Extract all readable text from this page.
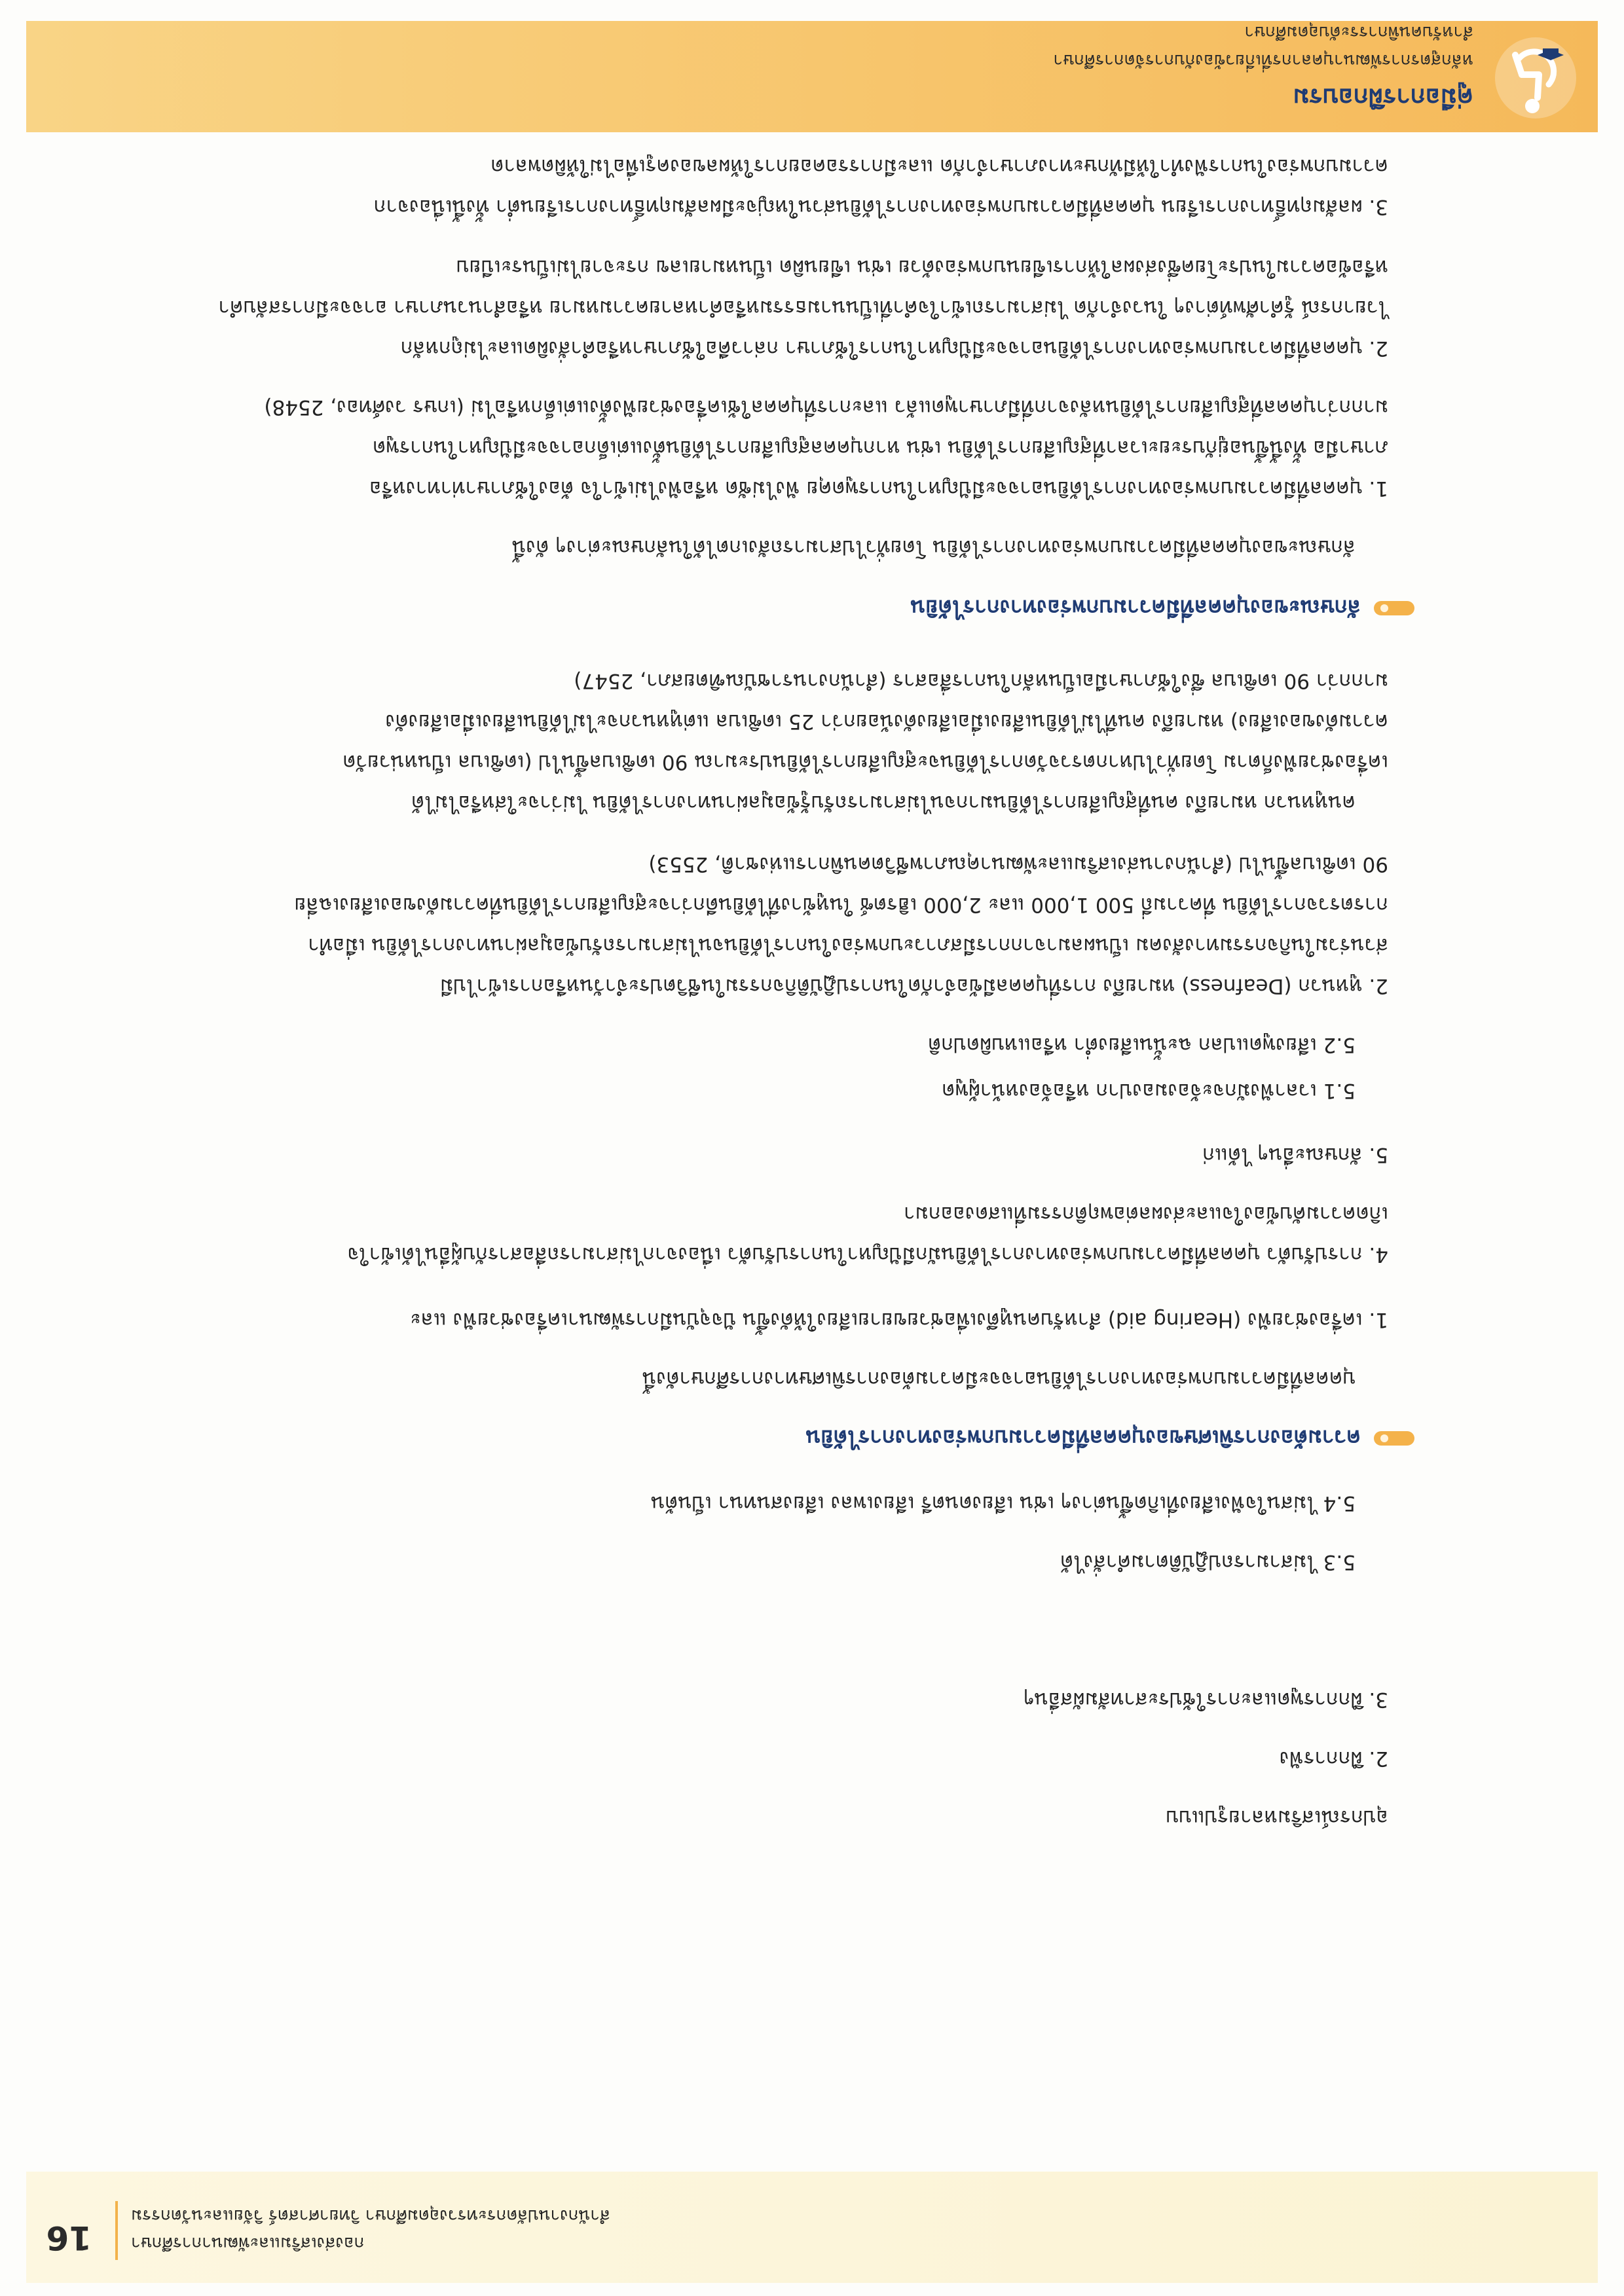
คู่มือการฝึกอบรม
หลักสูตรการพัฒนาบุคลากรที่เกี่ยวข้องกับการจัดการศึกษา
สำหรับคนพิการระดับอุดมศึกษา
2. หูหนวก (Deafness) หมายถึง การที่บุคคลมีข้อจำกัดในการปฏิบัติกิจกรรมในชีวิตประจำวันหรือการเข้าไปมี
ส่วนร่วมในกิจกรรมทางสังคม เป็นผลมาจากการมีสภาวะบกพร่องในการได้ยินจนไม่สามารถรับข้อมูลผ่านทางการได้ยิน เมื่อทำ
การตรวจการได้ยิน ที่ความถี่ 500 1,000 และ 2,000 เฮิรตซ์ ในหูข้างที่ได้ยินดีกว่าจะสูญเสียการได้ยินที่ความดังของเสียงเฉลี่ย
90 เดซิเบลขึ้นไป (สำนักงานส่งเสริมและพัฒนาคุณภาพชีวิตคนพิการแห่งชาติ, 2553)
คนหูหนวก หมายถึง คนที่สูญเสียการได้ยินมากจนไม่สามารถรับรู้ข้อมูลผ่านทางการได้ยิน ไม่ว่าจะใส่หรือไม่ได้
เครื่องช่วยฟังก็ตาม โดยทั่วไปหากตรวจวัดการได้ยินจะสูญเสียการได้ยินประมาณ 90 เดซิเบลขึ้นไป (เดซิเบล เป็นหน่วยวัด
ความดังของเสียง) หมายถึง คนที่ไม่ได้ยินเสียงเมื่อเสียงดังน้อยกว่า 25 เดซิเบล แต่หูหนวกจะไม่ได้ยินเสียงเมื่อเสียงดัง
มากกว่า 90 เดซิเบล ซึ่งใช้ภาษามือเป็นหลักในการสื่อสาร (สำนักงานราชบัณฑิตยสภา, 2547)
ลักษณะของบุคคลที่มีความบกพร่องทางการได้ยิน
ลักษณะของบุคคลที่มีความบกพร่องทางการได้ยิน โดยทั่วไปสามารถสังเกตได้ในลักษณะต่างๆ ดังนี้
1. บุคคลที่มีความบกพร่องทางการได้ยินอาจจะมีปัญหาในการพูดคุย ฟังไม่ชัด หรือฟังไม่เข้าใจ ต้องใช้ภาษาท่าทางหรือ
ภาษามือ ทั้งนี้ขึ้นอยู่กับระยะเวลาที่สูญเสียการได้ยิน เช่น หากบุคคลสูญเสียการได้ยินตั้งแต่เด็กอาจจะมีปัญหาในการพูด
มากกว่าบุคคลที่สูญเสียการได้ยินหลังจากที่มีภาษาพูดแล้ว และการที่บุคคลใช้เครื่องช่วยฟังตั้งแต่เด็กหรือไม่ (เกษร วงศ์ทอง, 2548)
2. บุคคลที่มีความบกพร่องทางการได้ยินอาจจะมีปัญหาในการใช้ภาษา กล่าวคือใช้ภาษาหรือคำสั่งผิดและไม่ถูกหลัก
ไวยากรณ์ รู้คำศัพท์ต่างๆ ในวงจำกัด ไม่สามารถเข้าใจคำที่เป็นนามธรรมหรือคำหลายความหมาย หรือสำนวนภาษา อาจจะมีการสลับคำ
หรือข้อความในประโยคซึ่งส่งผลให้การเขียนบกพร่องด้วย เช่น เขียนผิด เป็นหมายเลข กระจายไม่เป็นระเบียบ
3. ผลสัมฤทธิ์ทางการเรียน บุคคลที่มีความบกพร่องทางการได้ยินส่วนใหญ่จะมีผลสัมฤทธิ์ทางการเรียนต่ำ ทั้งนี้เนื่องจาก
ความบกพร่องในการฟังทำให้มีทักษะทางภาษาจำกัด และมีการรอคอยการให้ผลของครูเพื่อไม่ให้ผิดพลาด
4. การปรับตัว บุคคลที่มีความบกพร่องทางการได้ยินมักมีปัญหาในการปรับตัว เนื่องจากไม่สามารถสื่อสารกับผู้อื่นได้เข้าใจ
เกิดความคับข้องใจและส่งผลต่อพฤติกรรมที่แสดงออกมา
5. ลักษณะอื่นๆ ได้แก่
5.1 เวลาฟังมักจะจ้องมองปาก หรือจ้องหน้าผู้พูด
5.2 เสียงพูดแปลก ฉะนั้นเสียงต่ำ หรือแหบผิดปกติ
5.3 ไม่สามารถปฏิบัติตามคำสั่งได้
5.4 ไม่สนใจฟังเสียงที่เกิดขึ้นต่างๆ เช่น เสียงดนตรี เสียงเพลง เสียงสนทนา เป็นต้น
ความต้องการพิเศษของบุคคลที่มีความบกพร่องทางการได้ยิน
บุคคลที่มีความบกพร่องทางการได้ยินอาจจะมีความต้องการพิเศษทางการศึกษาดังนี้
1. เครื่องช่วยฟัง (Hearing aid) สำหรับคนหูตึงเพื่อช่วยขยายเสียงให้ดังขึ้น ปัจจุบันมีการพัฒนาเครื่องช่วยฟัง และ
อุปกรณ์เสริมหลายรูปแบบ
2. ฝึกการฟัง
3. ฝึกการพูดและการใช้ประสาทสัมผัสอื่นๆ
กองส่งเสริมและพัฒนาการศึกษา
สำนักงานปลัดกระทรวงอุดมศึกษา วิทยาศาสตร์ วิจัยและนวัตกรรม
16
